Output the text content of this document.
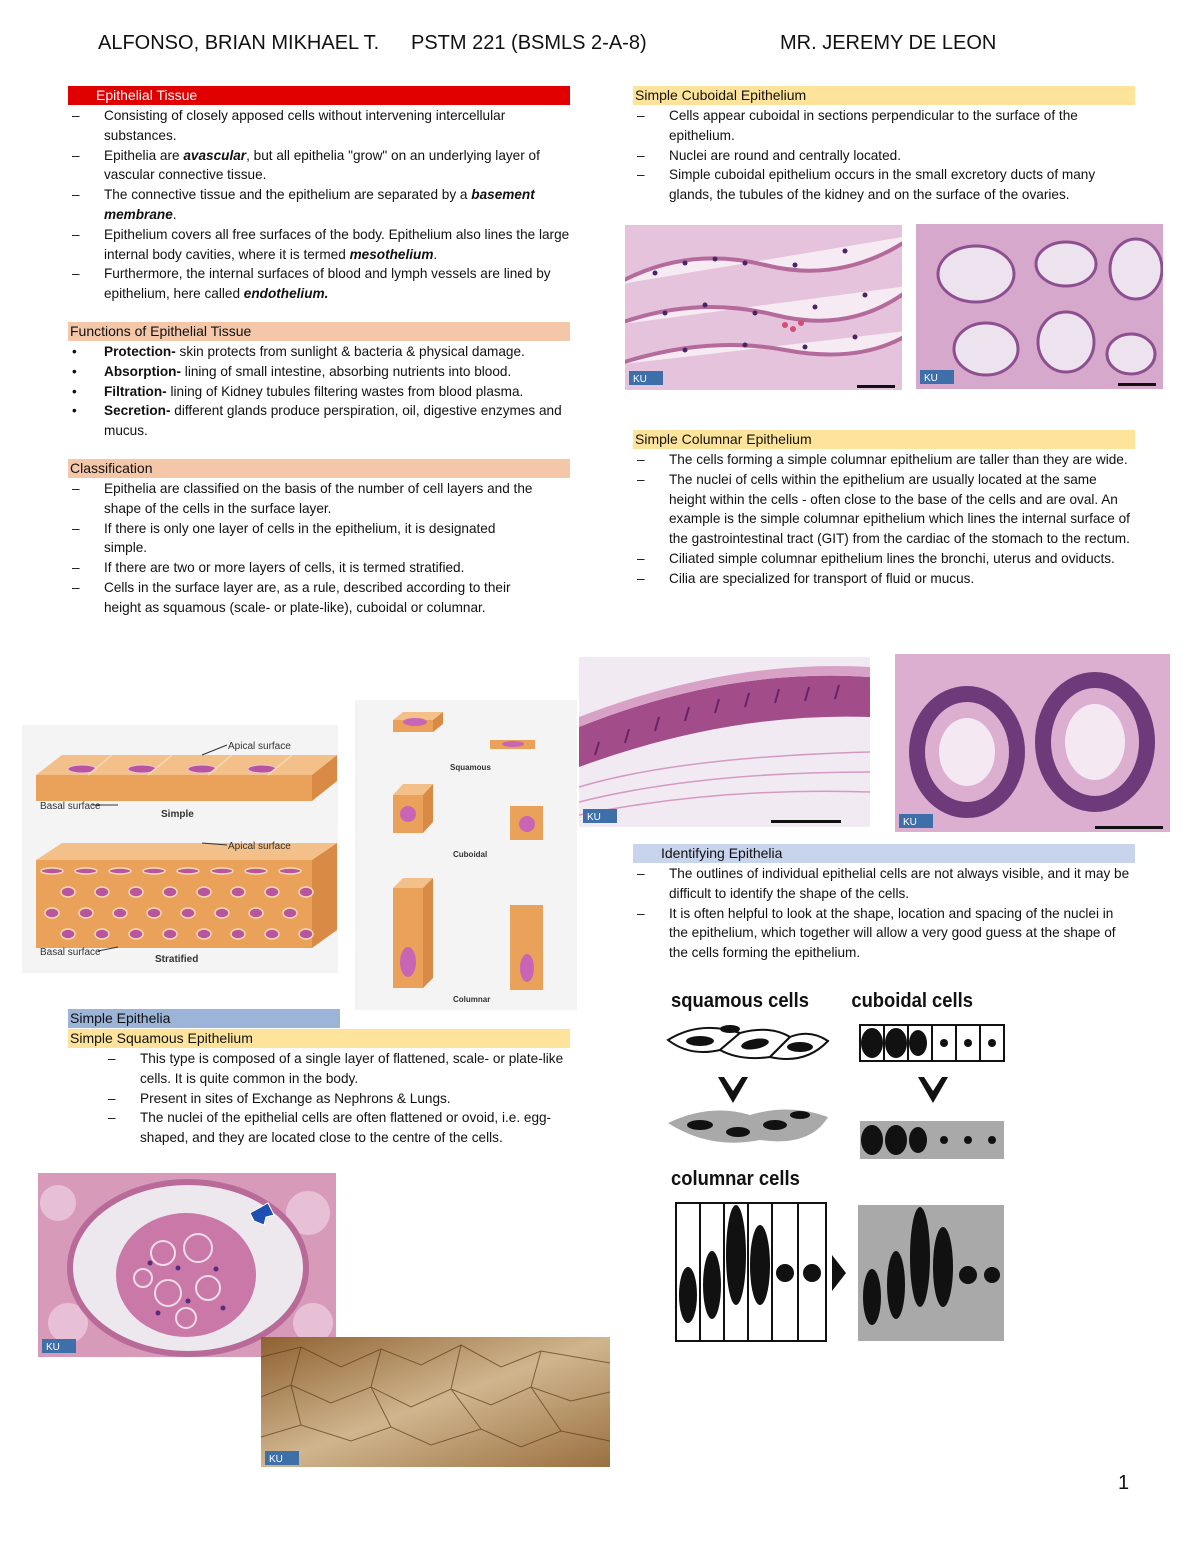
ALFONSO, BRIAN MIKHAEL T. PSTM 221 (BSMLS 2-A-8)	MR. JEREMY DE LEON
Epithelial Tissue
–	Consisting of closely apposed cells without intervening intercellular substances.
–	Epithelia are avascular, but all epithelia "grow" on an underlying layer of vascular connective tissue.
–	The connective tissue and the epithelium are separated by a basement membrane.
–	Epithelium covers all free surfaces of the body. Epithelium also lines the large internal body cavities, where it is termed mesothelium.
–	Furthermore, the internal surfaces of blood and lymph vessels are lined by epithelium, here called endothelium.
Functions of Epithelial Tissue
•	Protection- skin protects from sunlight & bacteria & physical damage.
•	Absorption- lining of small intestine, absorbing nutrients into blood.
•	Filtration- lining of Kidney tubules filtering wastes from blood plasma.
•	Secretion- different glands produce perspiration, oil, digestive enzymes and mucus.
Classification
–	Epithelia are classified on the basis of the number of cell layers and the shape of the cells in the surface layer.
–	If there is only one layer of cells in the epithelium, it is designated simple.
–	If there are two or more layers of cells, it is termed stratified.
–	Cells in the surface layer are, as a rule, described according to their height as squamous (scale- or plate-like), cuboidal or columnar.
Apical surface
Basal surface
Simple
Apical surface
Basal surface
Stratified
Squamous
Cuboidal
Columnar
Simple Epithelia
Simple Squamous Epithelium
–	This type is composed of a single layer of flattened, scale- or plate-like cells. It is quite common in the body.
–	Present in sites of Exchange as Nephrons & Lungs.
–	The nuclei of the epithelial cells are often flattened or ovoid, i.e. egg-shaped, and they are located close to the centre of the cells.
KU
KU
Simple Cuboidal Epithelium
–	Cells appear cuboidal in sections perpendicular to the surface of the epithelium.
–	Nuclei are round and centrally located.
–	Simple cuboidal epithelium occurs in the small excretory ducts of many glands, the tubules of the kidney and on the surface of the ovaries.
KU	KU
Simple Columnar Epithelium
–	The cells forming a simple columnar epithelium are taller than they are wide.
–	The nuclei of cells within the epithelium are usually located at the same height within the cells - often close to the base of the cells and are oval. An example is the simple columnar epithelium which lines the internal surface of the gastrointestinal tract (GIT) from the cardiac of the stomach to the rectum.
–	Ciliated simple columnar epithelium lines the bronchi, uterus and oviducts.
–	Cilia are specialized for transport of fluid or mucus.
KU	KU
Identifying Epithelia
–	The outlines of individual epithelial cells are not always visible, and it may be difficult to identify the shape of the cells.
–	It is often helpful to look at the shape, location and spacing of the nuclei in the epithelium, which together will allow a very good guess at the shape of the cells forming the epithelium.
squamous cells cuboidal cells
columnar cells
1
